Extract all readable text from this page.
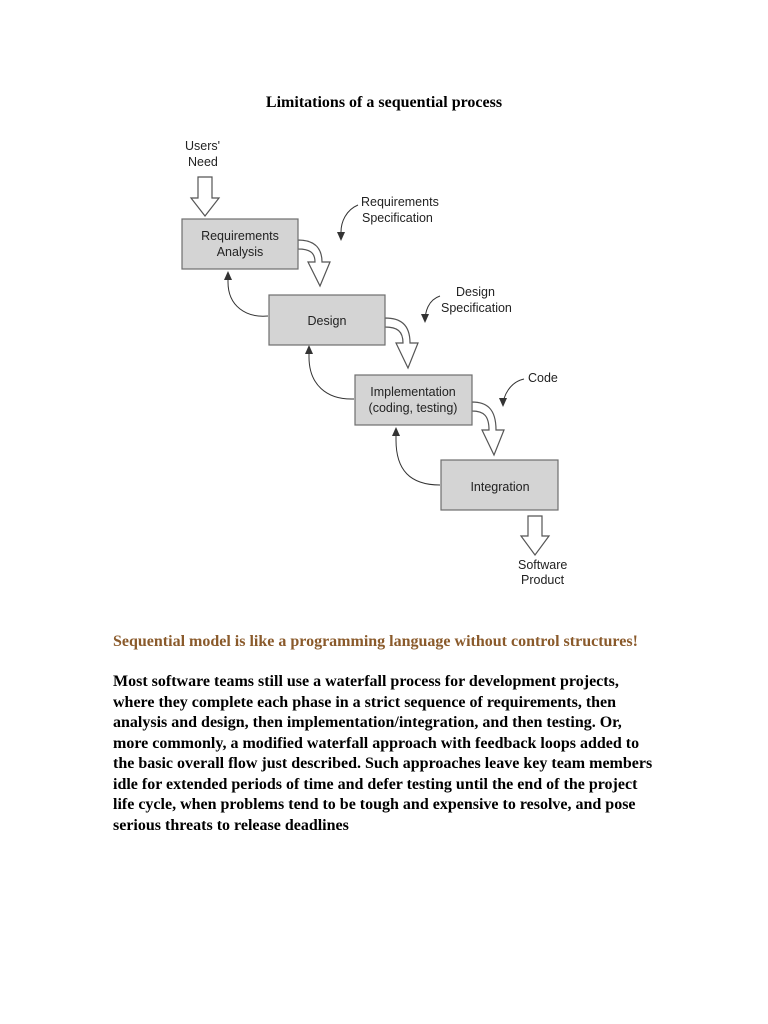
Limitations of a sequential process
Requirements
Analysis
Design
Implementation
(coding, testing)
Integration
Users'
Need
Requirements
Specification
Design
Specification
Code
Software
Product
Sequential model is like a programming language without control structures!

Most software teams still use a waterfall process for development projects, where they complete each phase in a strict sequence of requirements, then analysis and design, then implementation/integration, and then testing. Or, more commonly, a modified waterfall approach with feedback loops added to the basic overall flow just described. Such approaches leave key team members idle for extended periods of time and defer testing until the end of the project life cycle, when problems tend to be tough and expensive to resolve, and pose serious threats to release deadlines
